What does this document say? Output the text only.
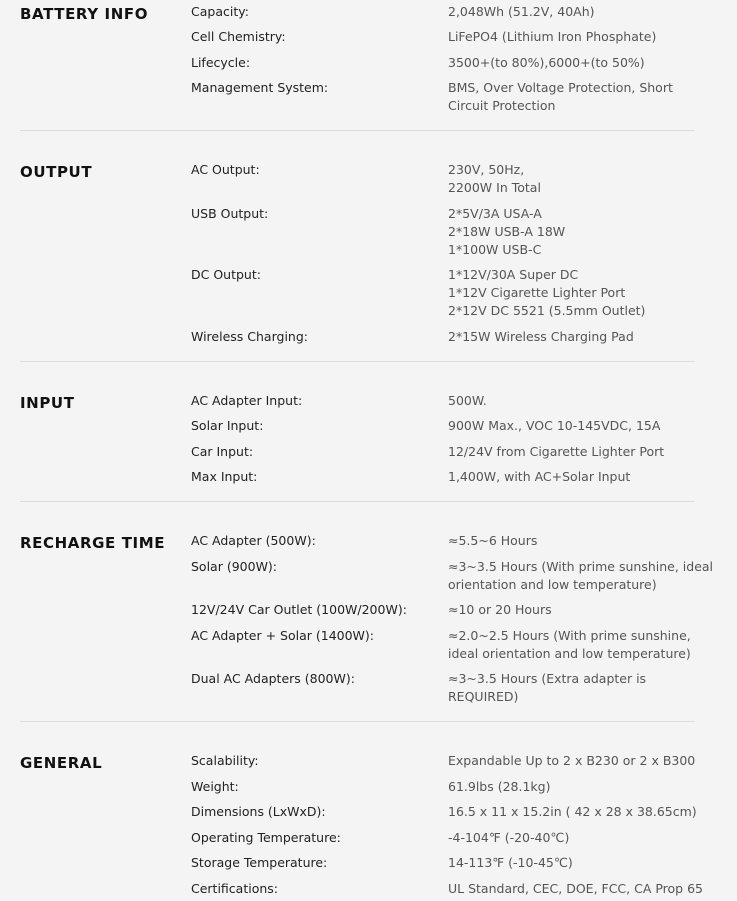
BATTERY INFO	Capacity:	2,048Wh (51.2V, 40Ah)
Cell Chemistry:	LiFePO4 (Lithium Iron Phosphate)
Lifecycle:	3500+(to 80%),6000+(to 50%)
Management System:	BMS, Over Voltage Protection, Short
Circuit Protection
OUTPUT	AC Output:	230V, 50Hz,
2200W In Total
USB Output:	2*5V/3A USA-A
2*18W USB-A 18W
1*100W USB-C
DC Output:	1*12V/30A Super DC
1*12V Cigarette Lighter Port
2*12V DC 5521 (5.5mm Outlet)
Wireless Charging:	2*15W Wireless Charging Pad
INPUT	AC Adapter Input:	500W.
Solar Input:	900W Max., VOC 10-145VDC, 15A
Car Input:	12/24V from Cigarette Lighter Port
Max Input:	1,400W, with AC+Solar Input
RECHARGE TIME AC Adapter (500W):	≈5.5~6 Hours
Solar (900W):	≈3~3.5 Hours (With prime sunshine, ideal
orientation and low temperature)
12V/24V Car Outlet (100W/200W):	≈10 or 20 Hours
AC Adapter + Solar (1400W):	≈2.0~2.5 Hours (With prime sunshine,
ideal orientation and low temperature)
Dual AC Adapters (800W):	≈3~3.5 Hours (Extra adapter is
REQUIRED)
GENERAL	Scalability:	Expandable Up to 2 x B230 or 2 x B300
Weight:	61.9lbs (28.1kg)
Dimensions (LxWxD):	16.5 x 11 x 15.2in ( 42 x 28 x 38.65cm)
Operating Temperature:	-4-104℉ (-20-40℃)
Storage Temperature:	14-113℉ (-10-45℃)
Certifications:	UL Standard, CEC, DOE, FCC, CA Prop 65
